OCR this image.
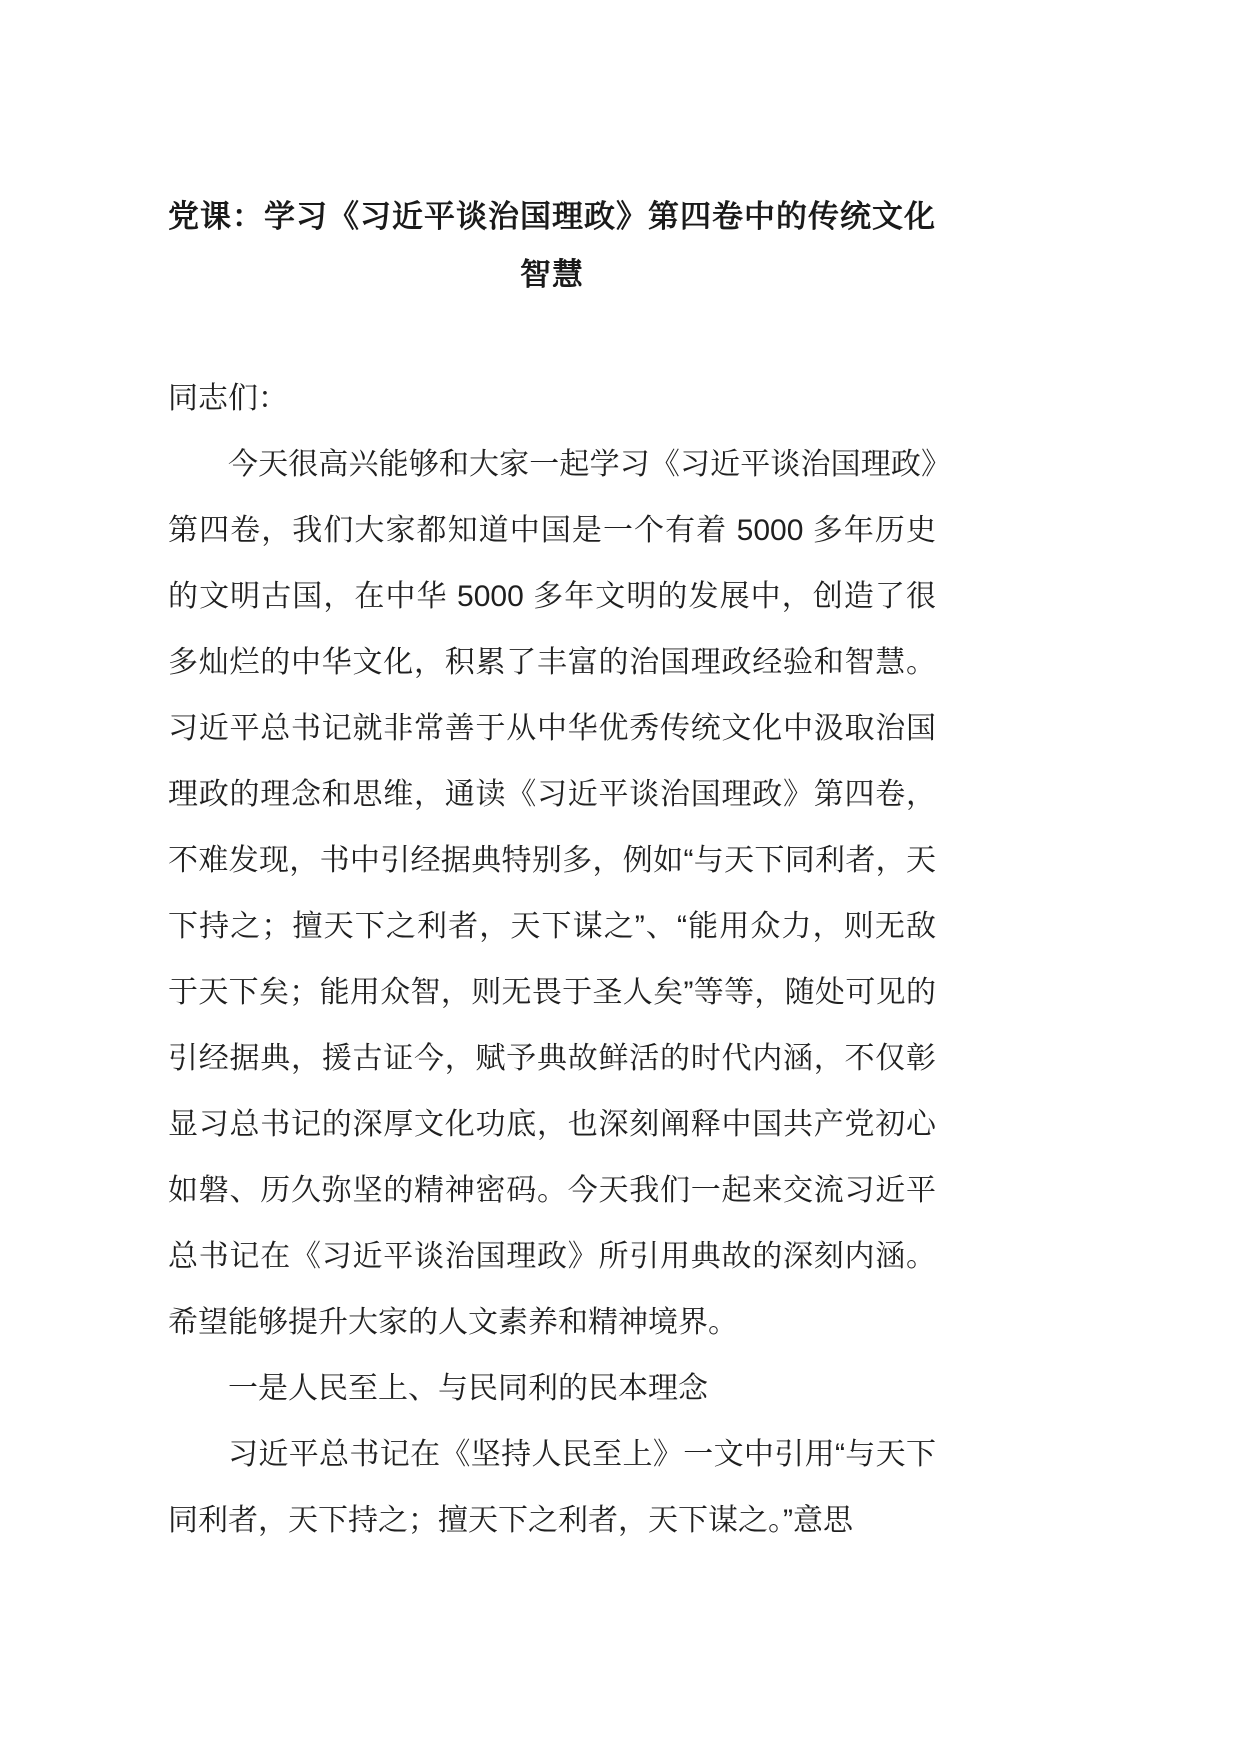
党课：学习《习近平谈治国理政》第四卷中的传统文化智慧

同志们：

今天很高兴能够和大家一起学习《习近平谈治国理政》第四卷，我们大家都知道中国是一个有着 5000 多年历史的文明古国，在中华 5000 多年文明的发展中，创造了很多灿烂的中华文化，积累了丰富的治国理政经验和智慧。习近平总书记就非常善于从中华优秀传统文化中汲取治国理政的理念和思维，通读《习近平谈治国理政》第四卷，不难发现，书中引经据典特别多，例如“与天下同利者，天下持之；擅天下之利者，天下谋之”、“能用众力，则无敌于天下矣；能用众智，则无畏于圣人矣”等等，随处可见的引经据典，援古证今，赋予典故鲜活的时代内涵，不仅彰显习总书记的深厚文化功底，也深刻阐释中国共产党初心如磐、历久弥坚的精神密码。今天我们一起来交流习近平总书记在《习近平谈治国理政》所引用典故的深刻内涵。希望能够提升大家的人文素养和精神境界。

一是人民至上、与民同利的民本理念

习近平总书记在《坚持人民至上》一文中引用“与天下同利者，天下持之；擅天下之利者，天下谋之。”意思
